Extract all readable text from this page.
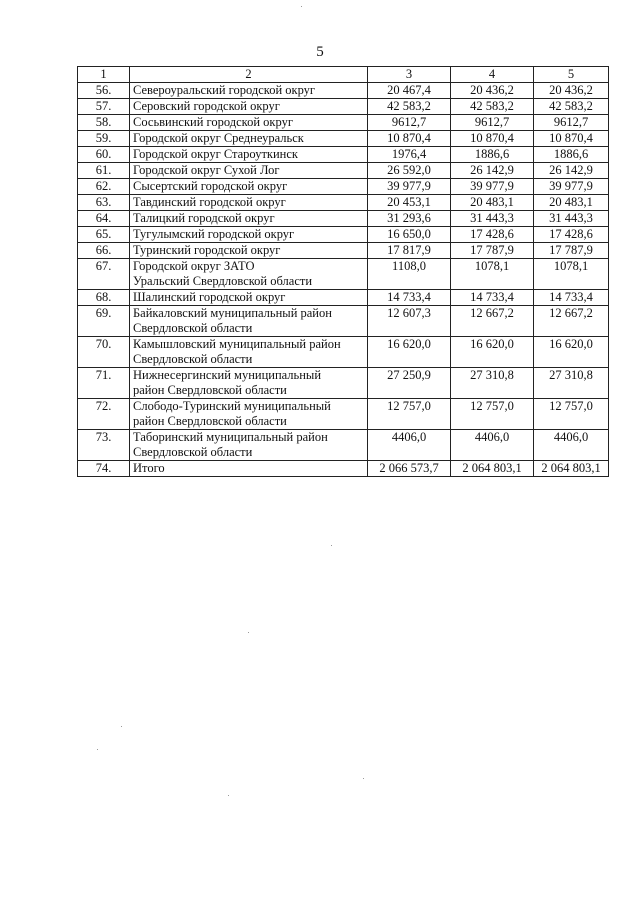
5
1	2	3	4	5
56.	Североуральский городской округ	20 467,4	20 436,2	20 436,2
57.	Серовский городской округ	42 583,2	42 583,2	42 583,2
58.	Сосьвинский городской округ	9612,7	9612,7	9612,7
59.	Городской округ Среднеуральск	10 870,4	10 870,4	10 870,4
60.	Городской округ Староуткинск	1976,4	1886,6	1886,6
61.	Городской округ Сухой Лог	26 592,0	26 142,9	26 142,9
62.	Сысертский городской округ	39 977,9	39 977,9	39 977,9
63.	Тавдинский городской округ	20 453,1	20 483,1	20 483,1
64.	Талицкий городской округ	31 293,6	31 443,3	31 443,3
65.	Тугулымский городской округ	16 650,0	17 428,6	17 428,6
66.	Туринский городской округ	17 817,9	17 787,9	17 787,9
67.	Городской округ ЗАТО
Уральский Свердловской области	1108,0	1078,1	1078,1
68.	Шалинский городской округ	14 733,4	14 733,4	14 733,4
69.	Байкаловский муниципальный район
Свердловской области	12 607,3	12 667,2	12 667,2
70.	Камышловский муниципальный район
Свердловской области	16 620,0	16 620,0	16 620,0
71.	Нижнесергинский муниципальный
район Свердловской области	27 250,9	27 310,8	27 310,8
72.	Слободо-Туринский муниципальный
район Свердловской области	12 757,0	12 757,0	12 757,0
73.	Таборинский муниципальный район
Свердловской области	4406,0	4406,0	4406,0
74.	Итого	2 066 573,7	2 064 803,1	2 064 803,1
